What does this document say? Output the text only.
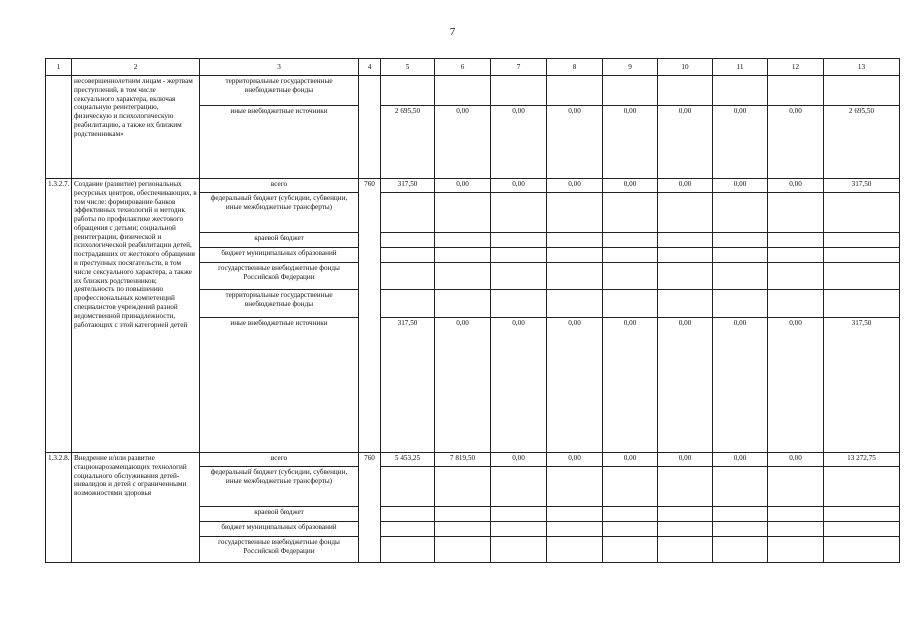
7
1	2	3	4	5	6	7	8	9	10	11	12	13
	несовершеннолетним лицам - жертвам преступлений, в том числе сексуального характера, включая социальную реинтеграцию, физическую и психологическую реабилитацию, а также их близким родственникам»	территориальные государственные внебюджетные фонды										
		иные внебюджетные источники		2 695,50	0,00	0,00	0,00	0,00	0,00	0,00	0,00	2 695,50
1.3.2.7.	Создание (развитие) региональных ресурсных центров, обеспечивающих, в том числе: формирование банков эффективных технологий и методик работы по профилактике жестокого обращения с детьми; социальной реинтеграции, физической и психологической реабилитации детей, пострадавших от жестокого обращения и преступных посягательств, в том числе сексуального характера, а также их близких родственников; деятельность по повышению профессиональных компетенций специалистов учреждений разной ведомственной принадлежности, работающих с этой категорией детей	всего	760	317,50	0,00	0,00	0,00	0,00	0,00	0,00	0,00	317,50
		федеральный бюджет (субсидии, субвенции, иные межбюджетные трансферты)										
		краевой бюджет										
		бюджет муниципальных образований										
		государственные внебюджетные фонды Российской Федерации										
		территориальные государственные внебюджетные фонды										
		иные внебюджетные источники		317,50	0,00	0,00	0,00	0,00	0,00	0,00	0,00	317,50
1.3.2.8.	Внедрение и/или развитие стационарозамещающих технологий социального обслуживания детей-инвалидов и детей с ограниченными возможностями здоровья	всего	760	5 453,25	7 819,50	0,00	0,00	0,00	0,00	0,00	0,00	13 272,75
		федеральный бюджет (субсидии, субвенции, иные межбюджетные трансферты)										
		краевой бюджет										
		бюджет муниципальных образований										
		государственные внебюджетные фонды Российской Федерации										
